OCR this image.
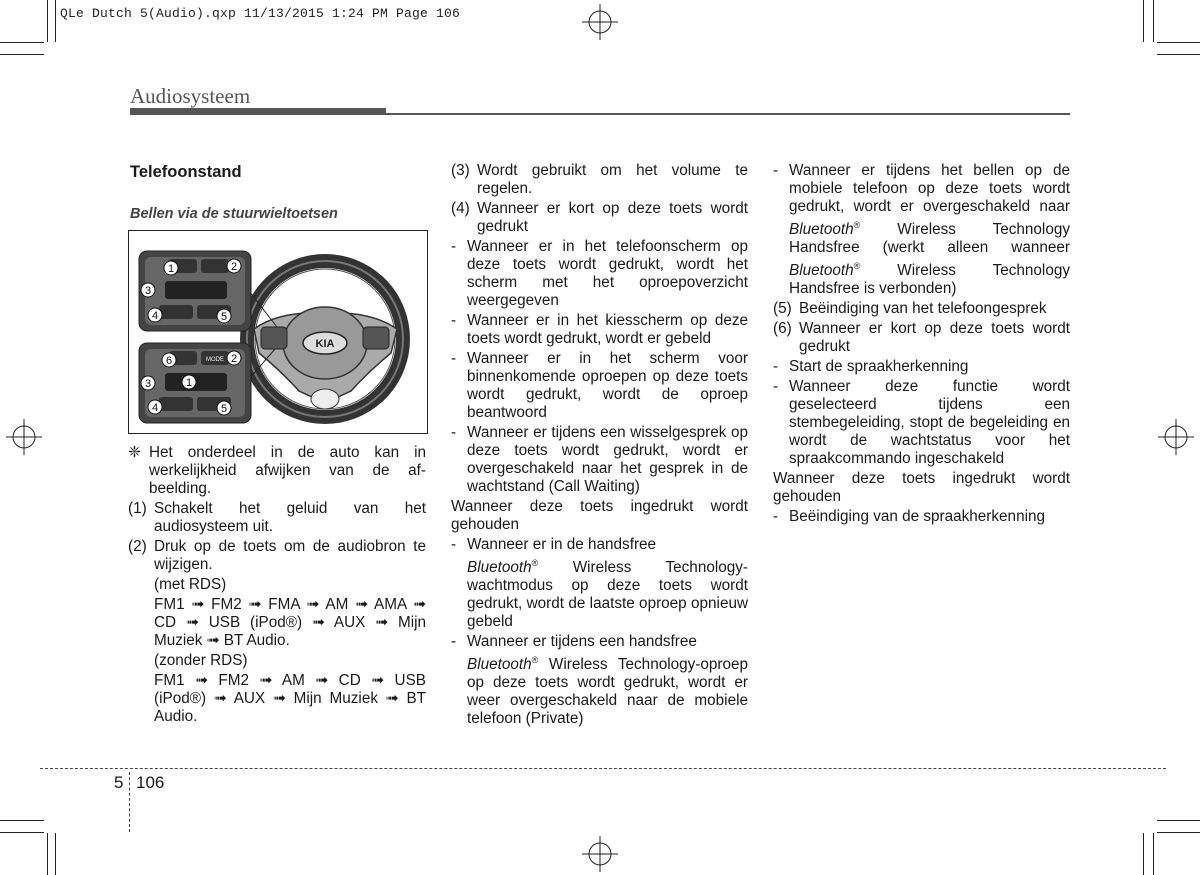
QLe Dutch 5(Audio).qxp 11/13/2015 1:24 PM Page 106
Audiosysteem
Telefoonstand
Bellen via de stuurwieltoetsen
KIA
MODE
1	2
3
4	5
6	2
1
3
4	5
❈ Het onderdeel in de auto kan in werkelijkheid afwijken van de af-beelding.
(1) Schakelt het geluid van het audiosysteem uit.
(2) Druk op de toets om de audiobron te wijzigen.
(met RDS)
FM1 ➟ FM2 ➟ FMA ➟ AM ➟ AMA ➟ CD ➟ USB (iPod®) ➟ AUX ➟ Mijn Muziek ➟ BT Audio.
(zonder RDS)
FM1 ➟ FM2 ➟ AM ➟ CD ➟ USB (iPod®) ➟ AUX ➟ Mijn Muziek ➟ BT Audio.
(3) Wordt gebruikt om het volume te regelen.
(4) Wanneer er kort op deze toets wordt gedrukt
- Wanneer er in het telefoonscherm op deze toets wordt gedrukt, wordt het scherm met het oproepoverzicht weergegeven
- Wanneer er in het kiesscherm op deze toets wordt gedrukt, wordt er gebeld
- Wanneer er in het scherm voor binnenkomende oproepen op deze toets wordt gedrukt, wordt de oproep beantwoord
- Wanneer er tijdens een wisselgesprek op deze toets wordt gedrukt, wordt er overgeschakeld naar het gesprek in de wachtstand (Call Waiting)

Wanneer deze toets ingedrukt wordt gehouden

- Wanneer er in de handsfree
Bluetooth® Wireless Technology-wachtmodus op deze toets wordt gedrukt, wordt de laatste oproep opnieuw gebeld
- Wanneer er tijdens een handsfree
Bluetooth® Wireless Technology-oproep op deze toets wordt gedrukt, wordt er weer overgeschakeld naar de mobiele telefoon (Private)
- Wanneer er tijdens het bellen op de mobiele telefoon op deze toets wordt gedrukt, wordt er overgeschakeld naar Bluetooth® Wireless Technology Handsfree (werkt alleen wanneer Bluetooth® Wireless Technology Handsfree is verbonden)
(5) Beëindiging van het telefoongesprek
(6) Wanneer er kort op deze toets wordt gedrukt
- Start de spraakherkenning
- Wanneer deze functie wordt geselecteerd tijdens een stembegeleiding, stopt de begeleiding en wordt de wachtstatus voor het spraakcommando ingeschakeld

Wanneer deze toets ingedrukt wordt gehouden

- Beëindiging van de spraakherkenning
5 106
